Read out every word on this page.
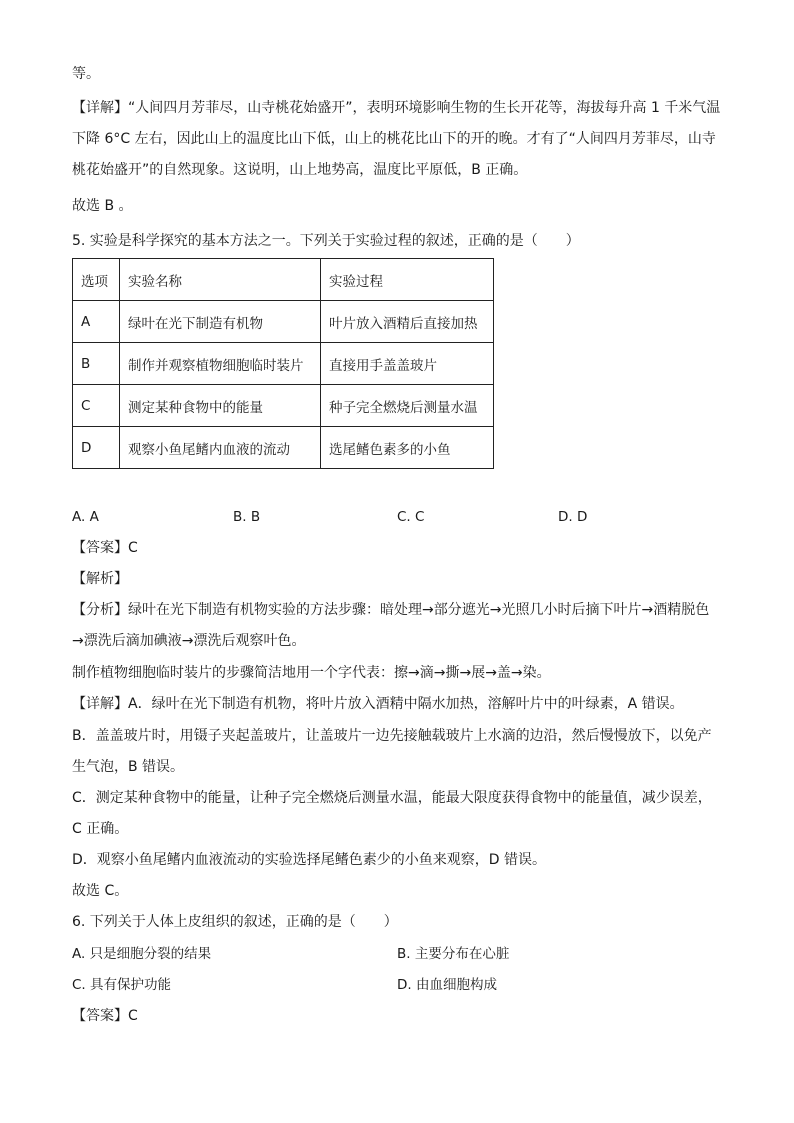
等。
【详解】“人间四月芳菲尽，山寺桃花始盛开”，表明环境影响生物的生长开花等，海拔每升高 1 千米气温
下降 6°C 左右，因此山上的温度比山下低，山上的桃花比山下的开的晚。才有了“人间四月芳菲尽，山寺
桃花始盛开”的自然现象。这说明，山上地势高，温度比平原低，B 正确。
故选 B 。
5. 实验是科学探究的基本方法之一。下列关于实验过程的叙述，正确的是（　　）
选项	实验名称	实验过程
A	绿叶在光下制造有机物	叶片放入酒精后直接加热
B	制作并观察植物细胞临时装片	直接用手盖盖玻片
C	测定某种食物中的能量	种子完全燃烧后测量水温
D	观察小鱼尾鳍内血液的流动	选尾鳍色素多的小鱼
A. A	B. B	C. C	D. D
【答案】C
【解析】
【分析】绿叶在光下制造有机物实验的方法步骤：暗处理→部分遮光→光照几小时后摘下叶片→酒精脱色
→漂洗后滴加碘液→漂洗后观察叶色。
制作植物细胞临时装片的步骤简洁地用一个字代表：擦→滴→撕→展→盖→染。
【详解】A．绿叶在光下制造有机物，将叶片放入酒精中隔水加热，溶解叶片中的叶绿素，A 错误。
B．盖盖玻片时，用镊子夹起盖玻片，让盖玻片一边先接触载玻片上水滴的边沿，然后慢慢放下，以免产
生气泡，B 错误。
C．测定某种食物中的能量，让种子完全燃烧后测量水温，能最大限度获得食物中的能量值，减少误差，
C 正确。
D．观察小鱼尾鳍内血液流动的实验选择尾鳍色素少的小鱼来观察，D 错误。
故选 C。
6. 下列关于人体上皮组织的叙述，正确的是（　　）
A. 只是细胞分裂的结果	B. 主要分布在心脏
C. 具有保护功能	D. 由血细胞构成
【答案】C
